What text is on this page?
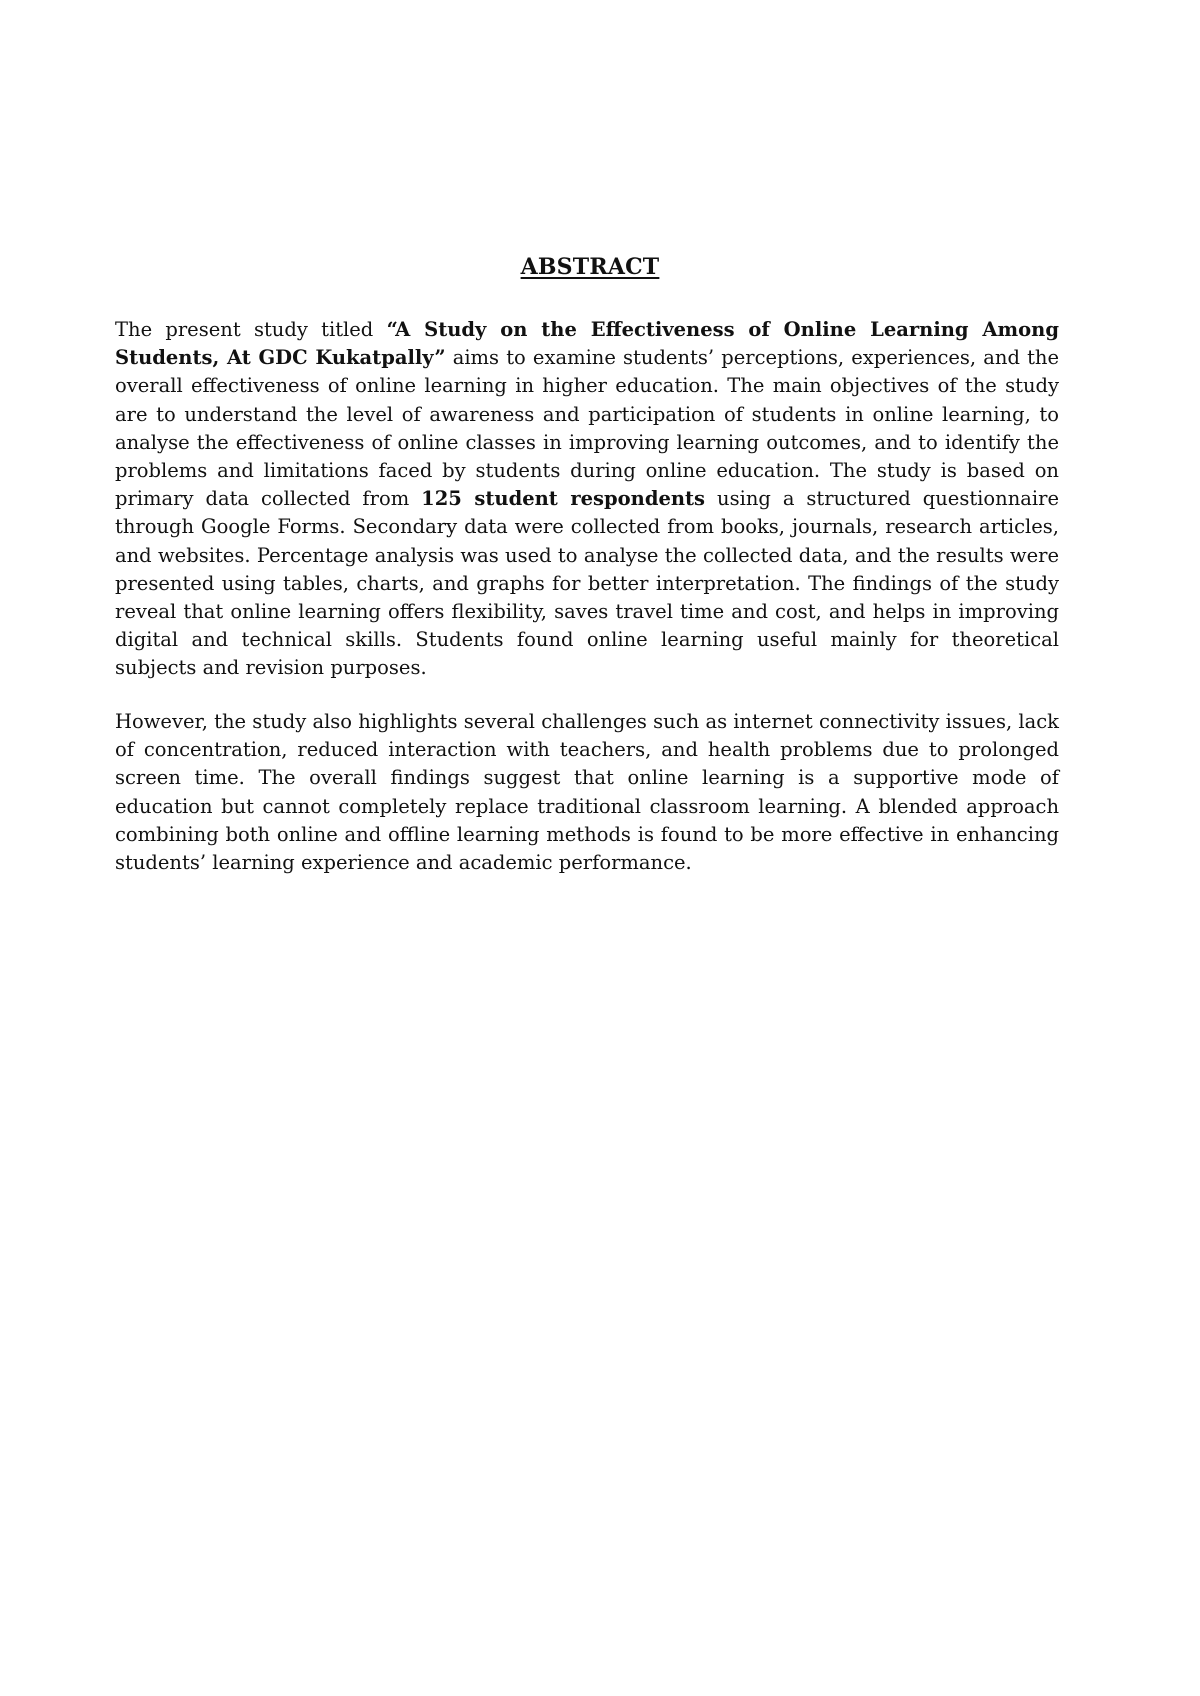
ABSTRACT

The present study titled “A Study on the Effectiveness of Online Learning Among Students, At GDC Kukatpally” aims to examine students’ perceptions, experiences, and the overall effectiveness of online learning in higher education. The main objectives of the study are to understand the level of awareness and participation of students in online learning, to analyse the effectiveness of online classes in improving learning outcomes, and to identify the problems and limitations faced by students during online education. The study is based on primary data collected from 125 student respondents using a structured questionnaire through Google Forms. Secondary data were collected from books, journals, research articles, and websites. Percentage analysis was used to analyse the collected data, and the results were presented using tables, charts, and graphs for better interpretation. The findings of the study reveal that online learning offers flexibility, saves travel time and cost, and helps in improving digital and technical skills. Students found online learning useful mainly for theoretical subjects and revision purposes.

However, the study also highlights several challenges such as internet connectivity issues, lack of concentration, reduced interaction with teachers, and health problems due to prolonged screen time. The overall findings suggest that online learning is a supportive mode of education but cannot completely replace traditional classroom learning. A blended approach combining both online and offline learning methods is found to be more effective in enhancing students’ learning experience and academic performance.
